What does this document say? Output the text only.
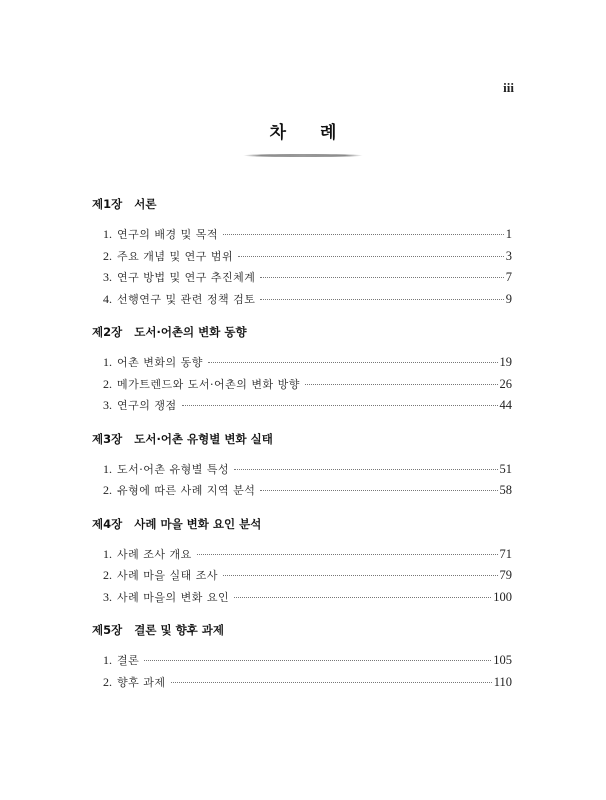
iii
차 례
제1장 서론
1. 연구의 배경 및 목적	1
2. 주요 개념 및 연구 범위	3
3. 연구 방법 및 연구 추진체계	7
4. 선행연구 및 관련 정책 검토	9
제2장 도서·어촌의 변화 동향
1. 어촌 변화의 동향	19
2. 메가트렌드와 도서·어촌의 변화 방향	26
3. 연구의 쟁점	44
제3장 도서·어촌 유형별 변화 실태
1. 도서·어촌 유형별 특성	51
2. 유형에 따른 사례 지역 분석	58
제4장 사례 마을 변화 요인 분석
1. 사례 조사 개요	71
2. 사례 마을 실태 조사	79
3. 사례 마을의 변화 요인	100
제5장 결론 및 향후 과제
1. 결론	105
2. 향후 과제	110
